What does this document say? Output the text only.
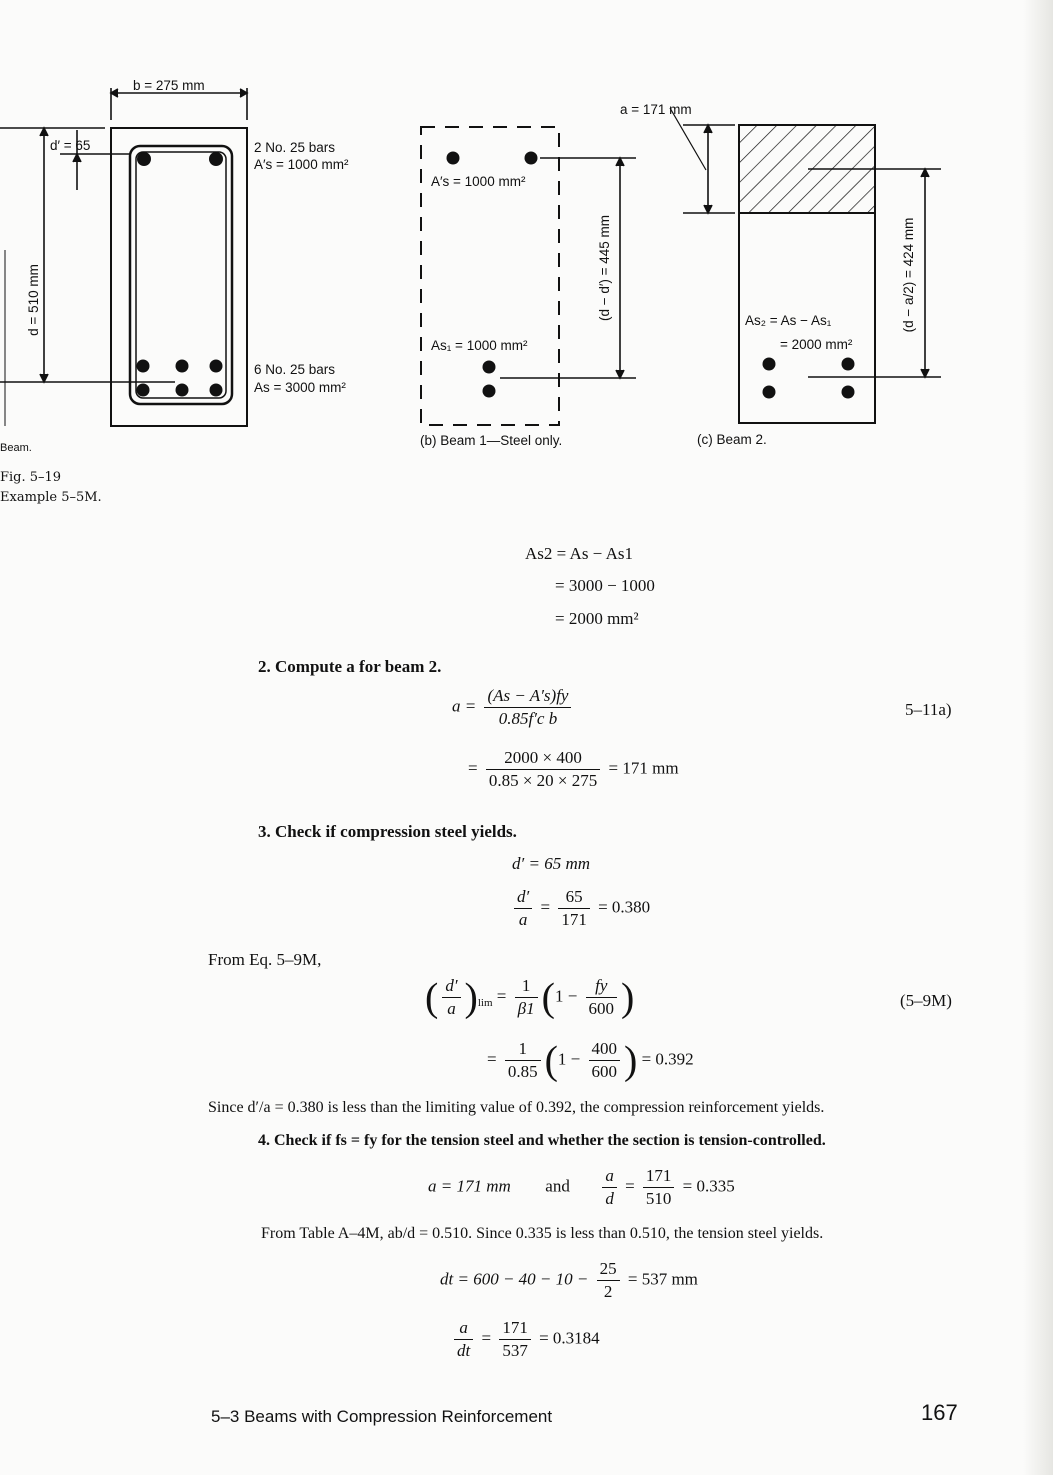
b = 275 mm
d′ = 65
d = 510 mm
2 No. 25 bars
A′s = 1000 mm²
6 No. 25 bars
As = 3000 mm²
Beam.
A′s = 1000 mm²
As₁ = 1000 mm²
(d − d′) = 445 mm
(b) Beam 1—Steel only.
a = 171 mm
As₂ = As − As₁
= 2000 mm²
(d − a/2) = 424 mm
(c) Beam 2.
Fig. 5–19
Example 5–5M.
As2 = As − As1
= 3000 − 1000
= 2000 mm²
2. Compute a for beam 2.
$a = \frac{(As - A's)fy}{\text{0.85f′c b}}$	5–11a)
= $\frac{2000 \times 400}{0.85 \times 20 \times 275} = 171$ mm
3. Check if compression steel yields.
d′ = 65 mm
$\frac{d'}{a} = \frac{65}{171} = 0.380$
From Eq. 5–9M,
( $\frac{d'}{a} )_{lim} = \frac{1}{\beta 1} (1 - \frac{fy}{600}$ )	(5–9M)
= $\frac{1}{0.85} (1 - \frac{400}{600}$ ) = 0.392
Since d′/a = 0.380 is less than the limiting value of 0.392, the compression reinforcement yields.
4. Check if fs = fy for the tension steel and whether the section is tension-controlled.
a = 171 mm and $\frac{a}{d} = \frac{171}{510} = 0.335$
From Table A–4M, ab/d = 0.510. Since 0.335 is less than 0.510, the tension steel yields.
dt = $600 - 40 - 10 - \frac{25}{2} = 537$ mm
$\frac{a}{dt} = \frac{171}{537} = 0.3184$
5–3 Beams with Compression Reinforcement	167
